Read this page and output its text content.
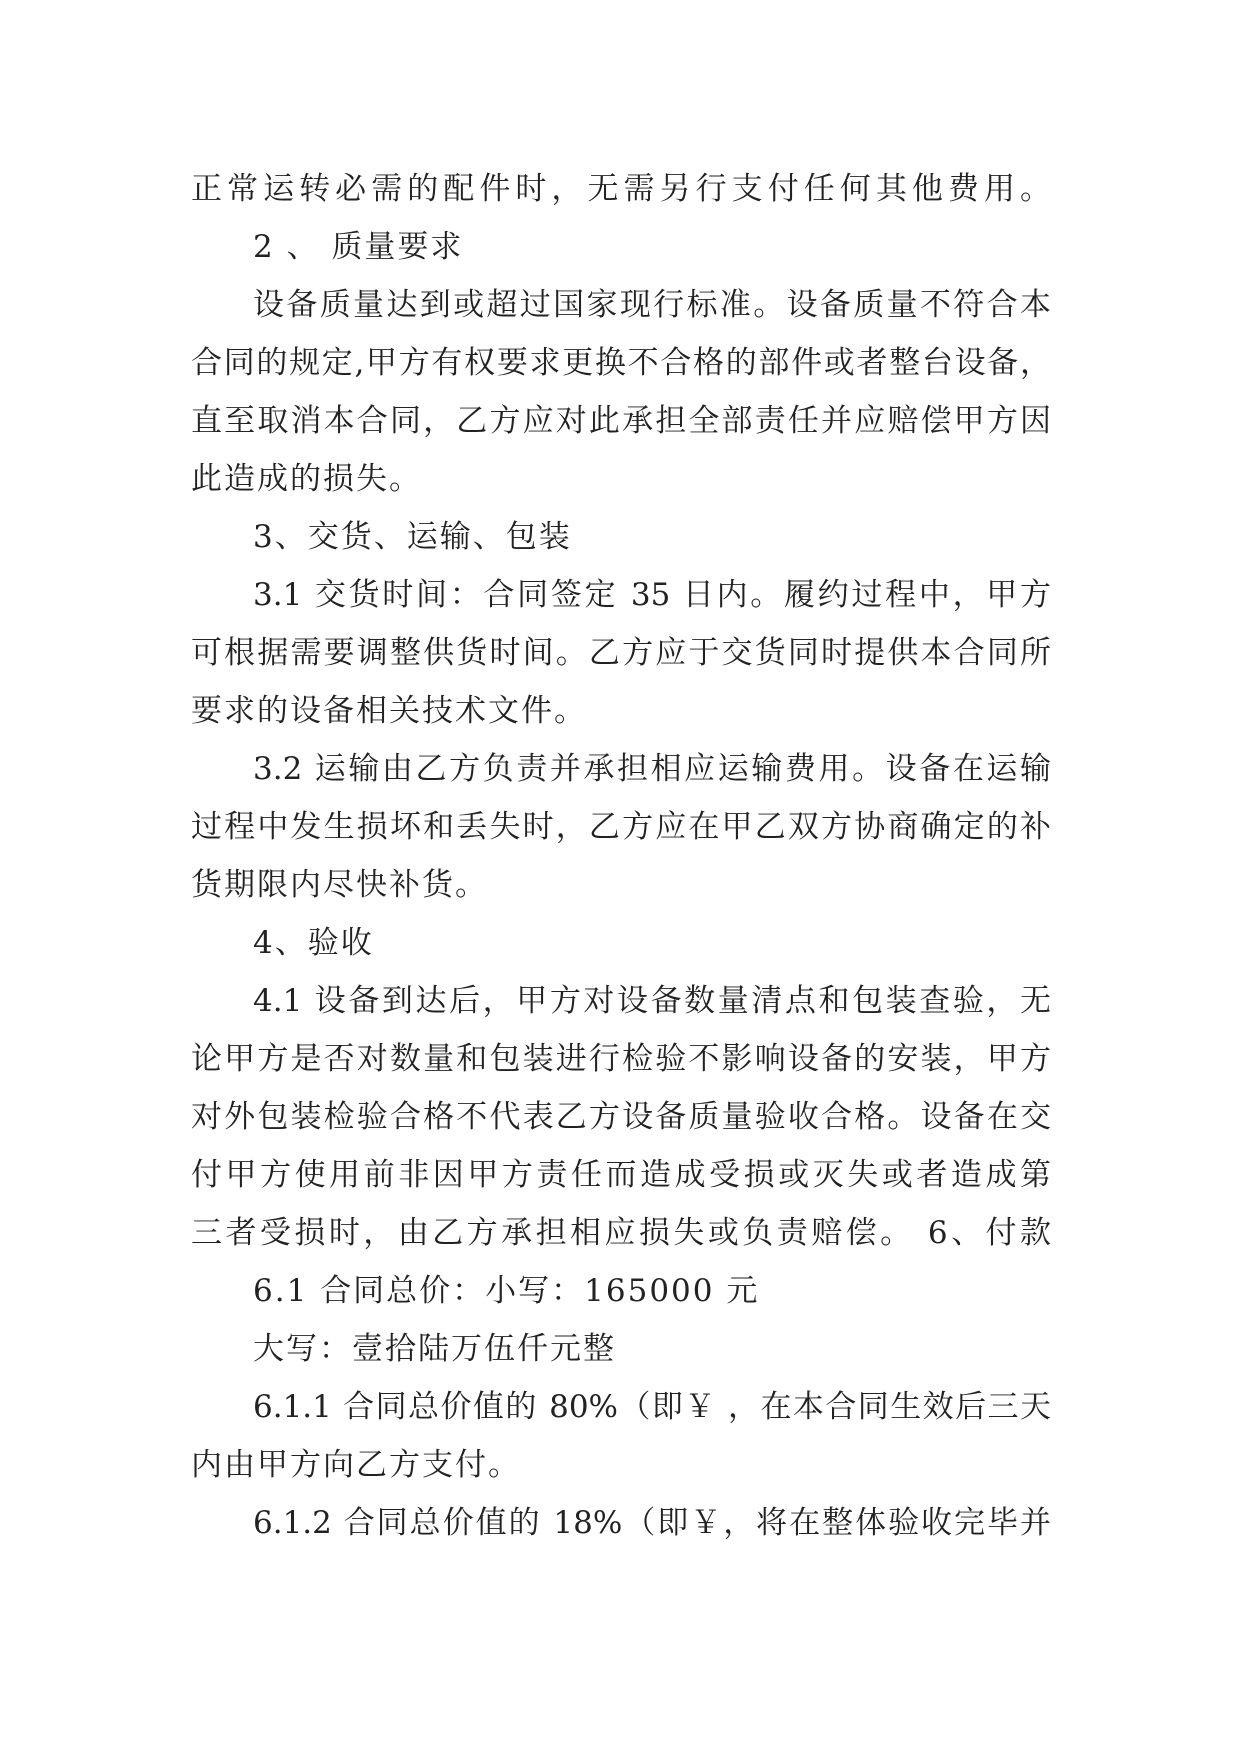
正常运转必需的配件时，无需另行支付任何其他费用。
2 、 质量要求
设备质量达到或超过国家现行标准。设备质量不符合本
合同的规定,甲方有权要求更换不合格的部件或者整台设备，
直至取消本合同，乙方应对此承担全部责任并应赔偿甲方因
此造成的损失。
3、交货、运输、包装
3.1 交货时间：合同签定 35 日内。履约过程中，甲方
可根据需要调整供货时间。乙方应于交货同时提供本合同所
要求的设备相关技术文件。
3.2 运输由乙方负责并承担相应运输费用。设备在运输
过程中发生损坏和丢失时，乙方应在甲乙双方协商确定的补
货期限内尽快补货。
4、验收
4.1 设备到达后，甲方对设备数量清点和包装查验，无
论甲方是否对数量和包装进行检验不影响设备的安装，甲方
对外包装检验合格不代表乙方设备质量验收合格。设备在交
付甲方使用前非因甲方责任而造成受损或灭失或者造成第
三者受损时，由乙方承担相应损失或负责赔偿。 6、付款
6.1 合同总价：小写：165000 元
大写：壹拾陆万伍仟元整
6.1.1 合同总价值的 80%（即￥ ，在本合同生效后三天
内由甲方向乙方支付。
6.1.2 合同总价值的 18%（即￥，将在整体验收完毕并
